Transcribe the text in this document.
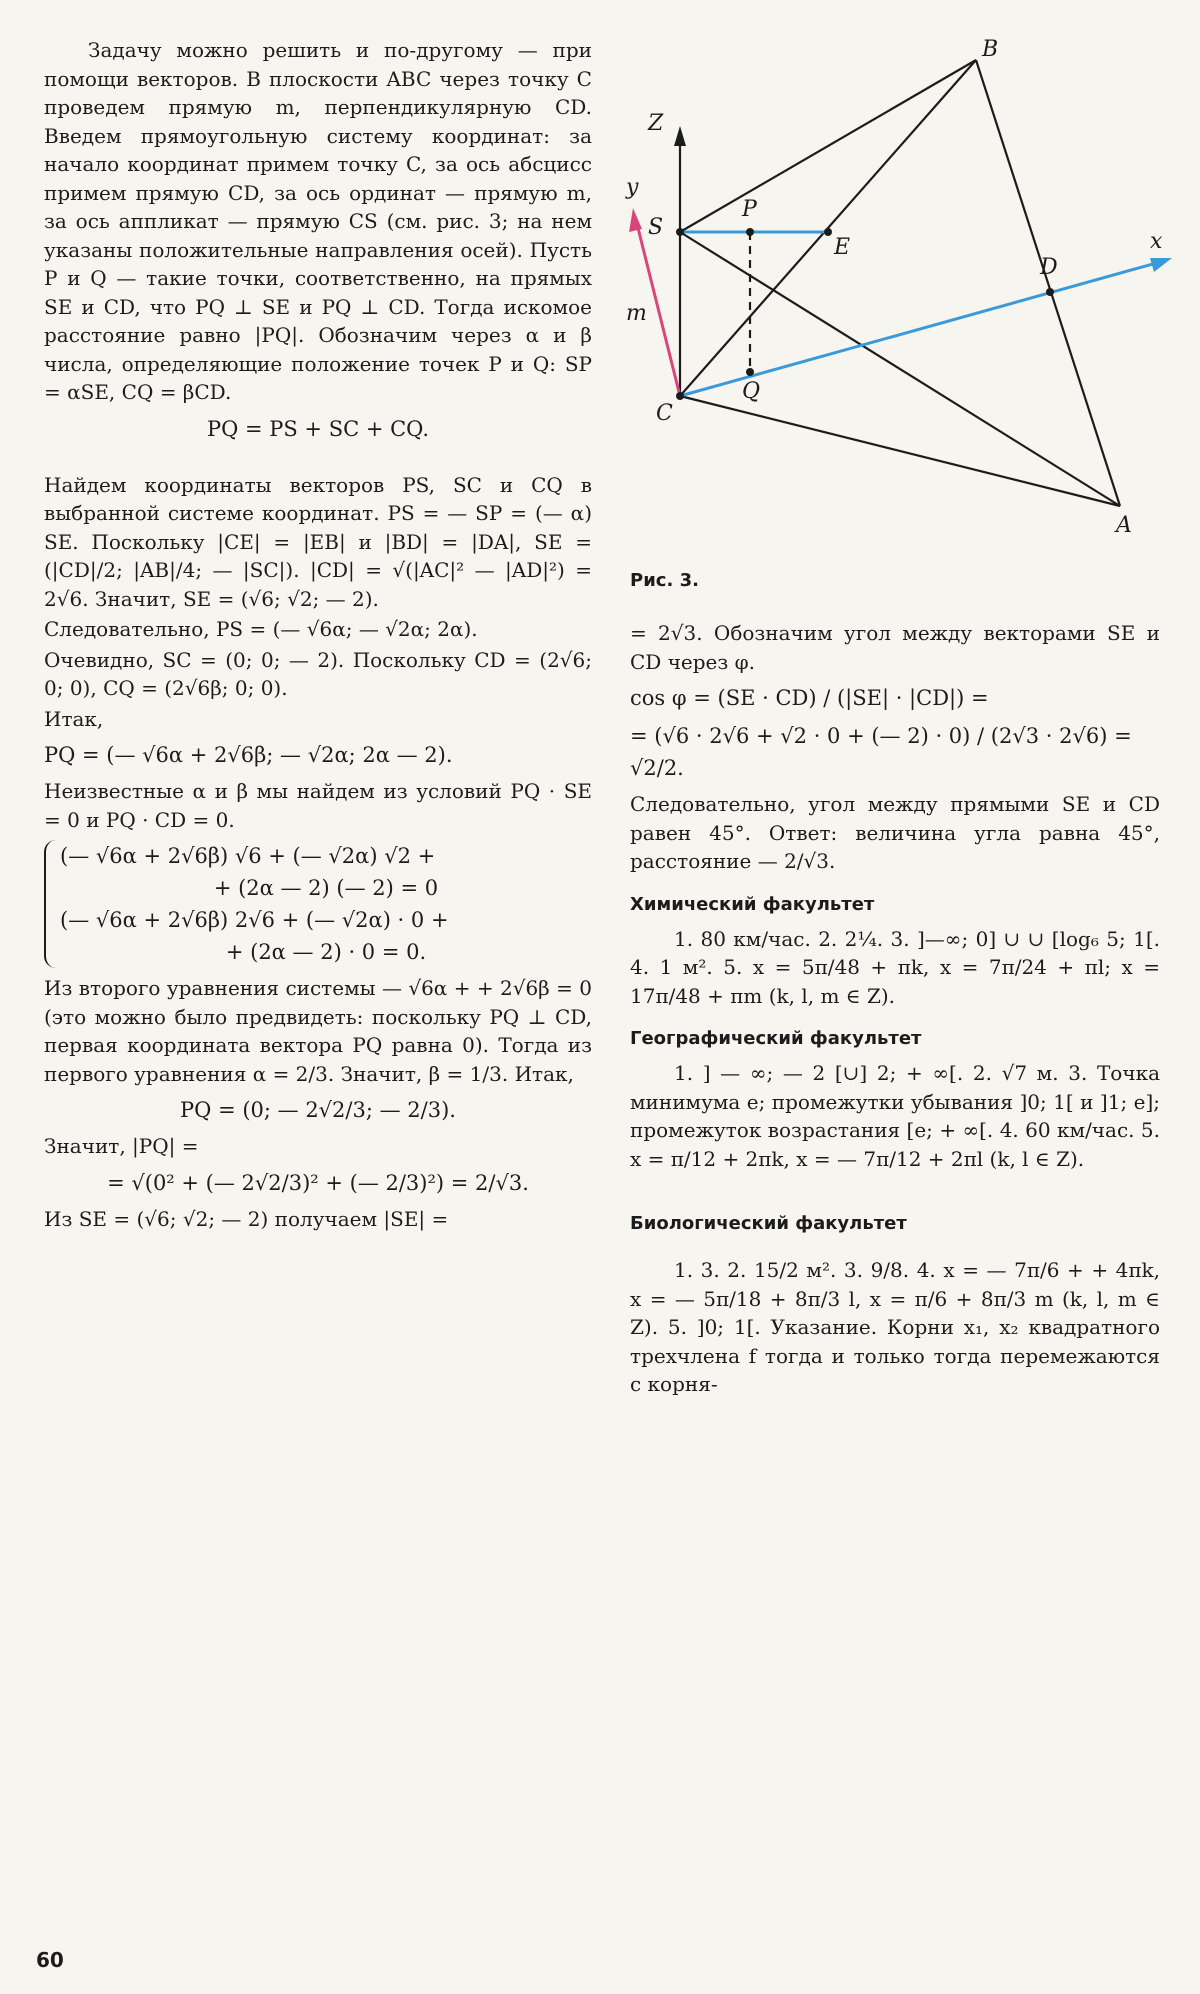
Задачу можно решить и по-другому — при помощи векторов. В плоскости ABC через точку C проведем прямую m, перпендикулярную CD. Введем прямоугольную систему координат: за начало координат примем точку C, за ось абсцисс примем прямую CD, за ось ординат — прямую m, за ось аппликат — прямую CS (см. рис. 3; на нем указаны положительные направления осей). Пусть P и Q — такие точки, соответственно, на прямых SE и CD, что PQ ⊥ SE и PQ ⊥ CD. Тогда искомое расстояние равно |PQ|. Обозначим через α и β числа, определяющие положение точек P и Q: SP = αSE, CQ = βCD.

PQ = PS + SC + CQ.

Найдем координаты векторов PS, SC и CQ в выбранной системе координат. PS = — SP = (— α) SE. Поскольку |CE| = |EB| и |BD| = |DA|, SE = (|CD|/2; |AB|/4; — |SC|). |CD| = √(|AC|² — |AD|²) = 2√6. Значит, SE = (√6; √2; — 2).

Следовательно, PS = (— √6α; — √2α; 2α).

Очевидно, SC = (0; 0; — 2). Поскольку CD = (2√6; 0; 0), CQ = (2√6β; 0; 0).

Итак,

PQ = (— √6α + 2√6β; — √2α; 2α — 2).

Неизвестные α и β мы найдем из условий PQ · SE = 0 и PQ · CD = 0.

(— √6α + 2√6β) √6 + (— √2α) √2 +

+ (2α — 2) (— 2) = 0

(— √6α + 2√6β) 2√6 + (— √2α) · 0 +

+ (2α — 2) · 0 = 0.

Из второго уравнения системы — √6α + + 2√6β = 0 (это можно было предвидеть: поскольку PQ ⊥ CD, первая координата вектора PQ равна 0). Тогда из первого уравнения α = 2/3. Значит, β = 1/3. Итак,

PQ = (0; — 2√2/3; — 2/3).

Значит, |PQ| =

= √(0² + (— 2√2/3)² + (— 2/3)²) = 2/√3.

Из SE = (√6; √2; — 2) получаем |SE| =

B
Z
y
S
P
E
D
x
m
Q
C
A

Рис. 3.

= 2√3. Обозначим угол между векторами SE и CD через φ.

cos φ = (SE · CD) / (|SE| · |CD|) =

= (√6 · 2√6 + √2 · 0 + (— 2) · 0) / (2√3 · 2√6) = √2/2.

Следовательно, угол между прямыми SE и CD равен 45°. Ответ: величина угла равна 45°, расстояние — 2/√3.

Химический факультет

1. 80 км/час. 2. 2¼. 3. ]—∞; 0] ∪ ∪ [log₆ 5; 1[. 4. 1 м². 5. x = 5π/48 + πk, x = 7π/24 + πl; x = 17π/48 + πm (k, l, m ∈ Z).

Географический факультет

1. ] — ∞; — 2 [∪] 2; + ∞[. 2. √7 м. 3. Точка минимума e; промежутки убывания ]0; 1[ и ]1; e]; промежуток возрастания [e; + ∞[. 4. 60 км/час. 5. x = π/12 + 2πk, x = — 7π/12 + 2πl (k, l ∈ Z).

Биологический факультет

1. 3. 2. 15/2 м². 3. 9/8. 4. x = — 7π/6 + + 4πk, x = — 5π/18 + 8π/3 l, x = π/6 + 8π/3 m (k, l, m ∈ Z). 5. ]0; 1[. Указание. Корни x₁, x₂ квадратного трехчлена f тогда и только тогда перемежаются с корня-

60
